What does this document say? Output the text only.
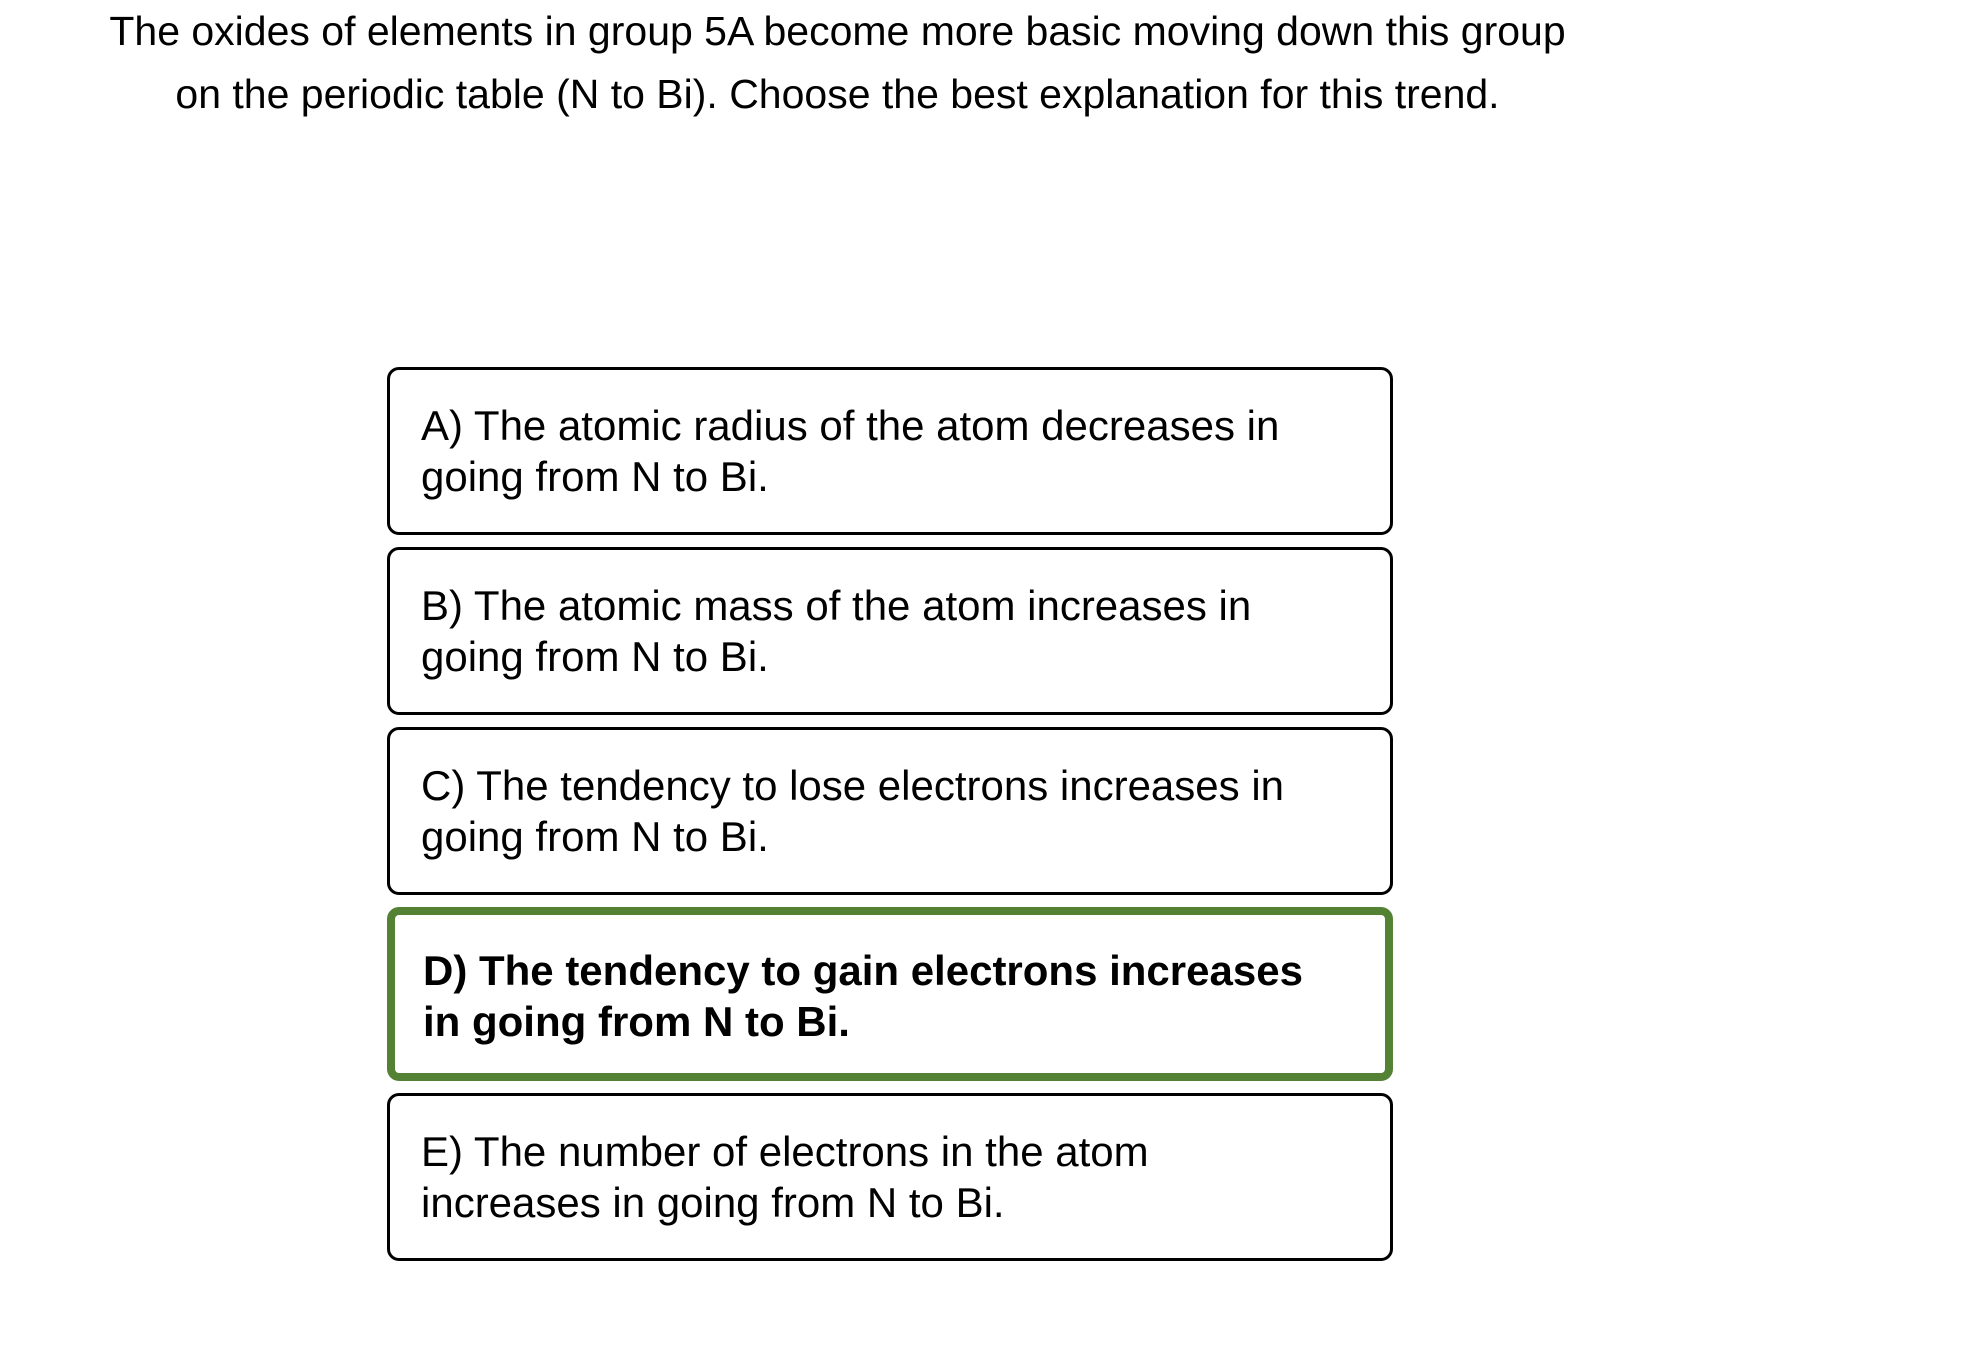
The oxides of elements in group 5A become more basic moving down this group
on the periodic table (N to Bi). Choose the best explanation for this trend.
A) The atomic radius of the atom decreases in
going from N to Bi.
B) The atomic mass of the atom increases in
going from N to Bi.
C) The tendency to lose electrons increases in
going from N to Bi.
D) The tendency to gain electrons increases
in going from N to Bi.
E) The number of electrons in the atom
increases in going from N to Bi.
